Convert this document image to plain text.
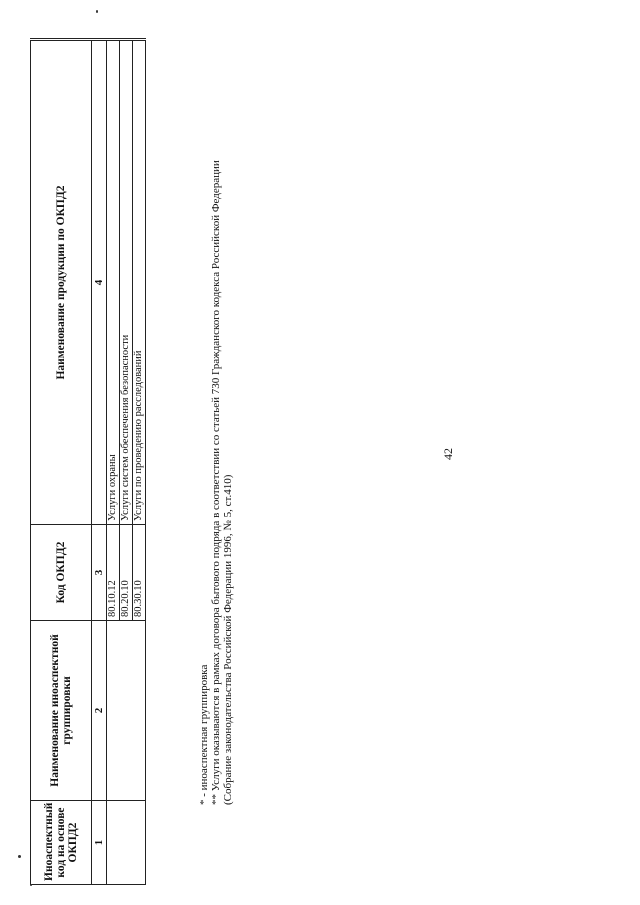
42
Иноаспектный код на основе ОКПД2	Наименование иноаспектной группировки	Код ОКПД2	Наименование продукции по ОКПД2
1	2	3	4
		80.10.12	Услуги охраны
		80.20.10	Услуги систем обеспечения безопасности
		80.30.10	Услуги по проведению расследований

* - иноаспектная группировка ** Услуги оказываются в рамках договора бытового подряда в соответствии со статьей 730 Гражданского кодекса Российской Федерации (Собрание законодательства Российской Федерации 1996, № 5, ст.410)
